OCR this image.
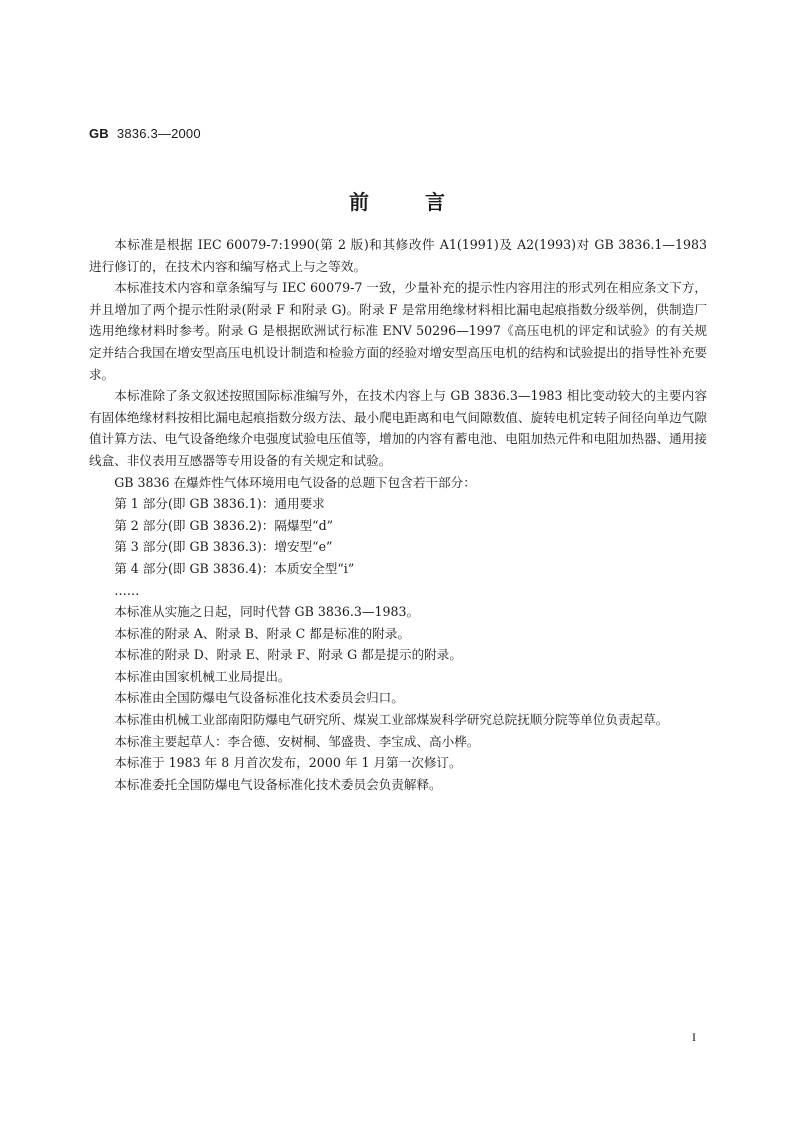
GB 3836.3—2000
前言

本标准是根据 IEC 60079-7:1990(第 2 版)和其修改件 A1(1991)及 A2(1993)对 GB 3836.1—1983 进行修订的，在技术内容和编写格式上与之等效。

本标准技术内容和章条编写与 IEC 60079-7 一致，少量补充的提示性内容用注的形式列在相应条文下方，并且增加了两个提示性附录(附录 F 和附录 G)。附录 F 是常用绝缘材料相比漏电起痕指数分级举例，供制造厂选用绝缘材料时参考。附录 G 是根据欧洲试行标准 ENV 50296—1997《高压电机的评定和试验》的有关规定并结合我国在增安型高压电机设计制造和检验方面的经验对增安型高压电机的结构和试验提出的指导性补充要求。

本标准除了条文叙述按照国际标准编写外，在技术内容上与 GB 3836.3—1983 相比变动较大的主要内容有固体绝缘材料按相比漏电起痕指数分级方法、最小爬电距离和电气间隙数值、旋转电机定转子间径向单边气隙值计算方法、电气设备绝缘介电强度试验电压值等，增加的内容有蓄电池、电阻加热元件和电阻加热器、通用接线盒、非仪表用互感器等专用设备的有关规定和试验。

GB 3836 在爆炸性气体环境用电气设备的总题下包含若干部分：

第 1 部分(即 GB 3836.1)：通用要求

第 2 部分(即 GB 3836.2)：隔爆型“d”

第 3 部分(即 GB 3836.3)：增安型“e”

第 4 部分(即 GB 3836.4)：本质安全型“i”

……

本标准从实施之日起，同时代替 GB 3836.3—1983。

本标准的附录 A、附录 B、附录 C 都是标准的附录。

本标准的附录 D、附录 E、附录 F、附录 G 都是提示的附录。

本标准由国家机械工业局提出。

本标准由全国防爆电气设备标准化技术委员会归口。

本标准由机械工业部南阳防爆电气研究所、煤炭工业部煤炭科学研究总院抚顺分院等单位负责起草。

本标准主要起草人：李合德、安树桐、邹盛贵、李宝成、高小桦。

本标准于 1983 年 8 月首次发布，2000 年 1 月第一次修订。

本标准委托全国防爆电气设备标准化技术委员会负责解释。

I
